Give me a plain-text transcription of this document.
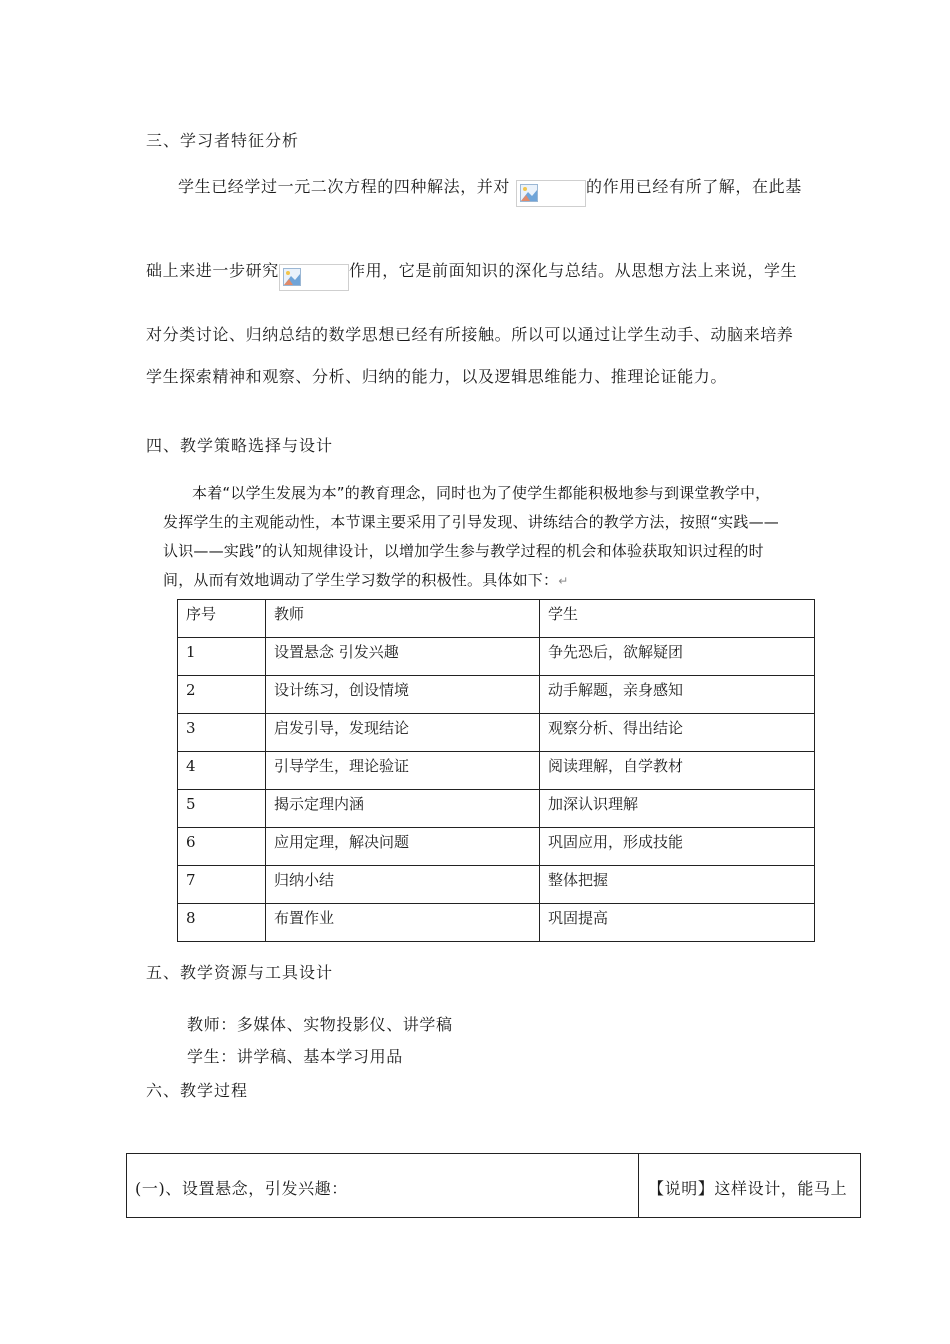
三、学习者特征分析
学生已经学过一元二次方程的四种解法，并对	的作用已经有所了解，在此基
础上来进一步研究	作用，它是前面知识的深化与总结。从思想方法上来说，学生
对分类讨论、归纳总结的数学思想已经有所接触。所以可以通过让学生动手、动脑来培养
学生探索精神和观察、分析、归纳的能力，以及逻辑思维能力、推理论证能力。
四、教学策略选择与设计
本着“以学生发展为本”的教育理念，同时也为了使学生都能积极地参与到课堂教学中，
发挥学生的主观能动性，本节课主要采用了引导发现、讲练结合的教学方法，按照“实践——
认识——实践”的认知规律设计，以增加学生参与教学过程的机会和体验获取知识过程的时
间，从而有效地调动了学生学习数学的积极性。具体如下：↵
序号	教师	学生
1	设置悬念 引发兴趣	争先恐后，欲解疑团
2	设计练习，创设情境	动手解题，亲身感知
3	启发引导，发现结论	观察分析、得出结论
4	引导学生，理论验证	阅读理解，自学教材
5	揭示定理内涵	加深认识理解
6	应用定理，解决问题	巩固应用，形成技能
7	归纳小结	整体把握
8	布置作业	巩固提高
五、教学资源与工具设计
教师：多媒体、实物投影仪、讲学稿
学生：讲学稿、基本学习用品
六、教学过程
(一)、设置悬念，引发兴趣：	【说明】这样设计，能马上
